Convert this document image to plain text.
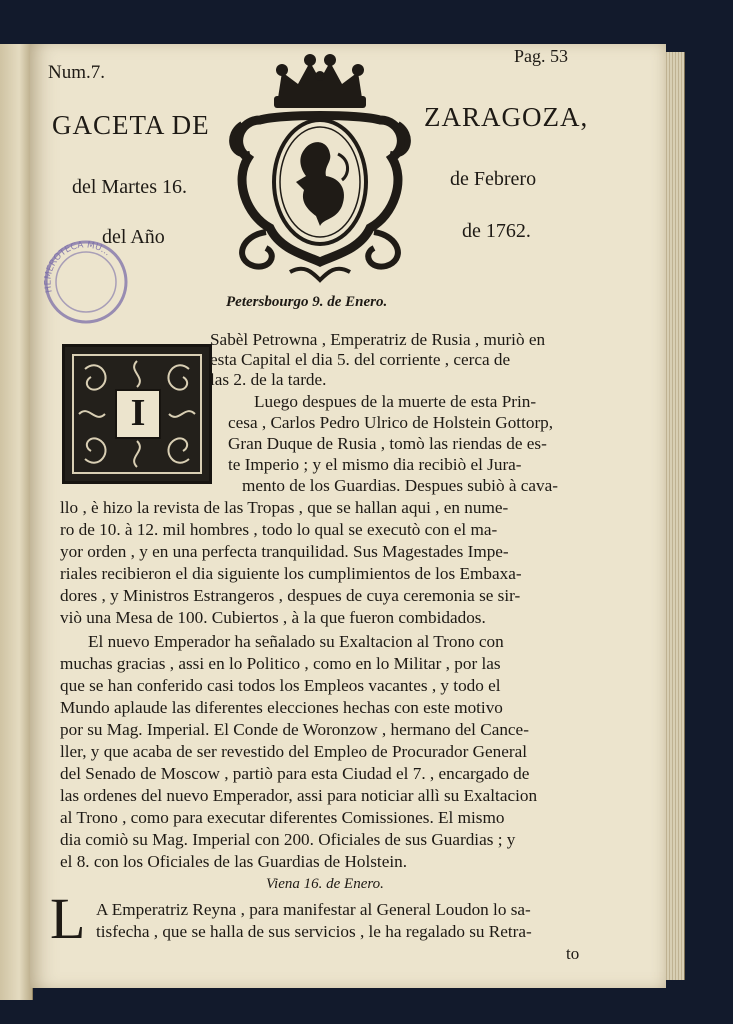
Num.7.
Pag. 53
GACETA DE	ZARAGOZA,
del Martes 16.	de Febrero
del Año	de 1762.
HEMEROTECA MU...
Petersbourgo 9. de Enero.
I
Sabèl Petrowna , Emperatriz de Rusia , muriò en
esta Capital el dia 5. del corriente , cerca de
las 2. de la tarde.
Luego despues de la muerte de esta Prin-
cesa , Carlos Pedro Ulrico de Holstein Gottorp,
Gran Duque de Rusia , tomò las riendas de es-
te Imperio ; y el mismo dia recibiò el Jura-
mento de los Guardias. Despues subiò à cava-
llo , è hizo la revista de las Tropas , que se hallan aqui , en nume-
ro de 10. à 12. mil hombres , todo lo qual se executò con el ma-
yor orden , y en una perfecta tranquilidad. Sus Magestades Impe-
riales recibieron el dia siguiente los cumplimientos de los Embaxa-
dores , y Ministros Estrangeros , despues de cuya ceremonia se sir-
viò una Mesa de 100. Cubiertos , à la que fueron combidados.
El nuevo Emperador ha señalado su Exaltacion al Trono con
muchas gracias , assi en lo Politico , como en lo Militar , por las
que se han conferido casi todos los Empleos vacantes , y todo el
Mundo aplaude las diferentes elecciones hechas con este motivo
por su Mag. Imperial. El Conde de Woronzow , hermano del Cance-
ller, y que acaba de ser revestido del Empleo de Procurador General
del Senado de Moscow , partiò para esta Ciudad el 7. , encargado de
las ordenes del nuevo Emperador, assi para noticiar allì su Exaltacion
al Trono , como para executar diferentes Comissiones. El mismo
dia comiò su Mag. Imperial con 200. Oficiales de sus Guardias ; y
el 8. con los Oficiales de las Guardias de Holstein.
Viena 16. de Enero.
L A Emperatriz Reyna , para manifestar al General Loudon lo sa-
tisfecha , que se halla de sus servicios , le ha regalado su Retra-
to
